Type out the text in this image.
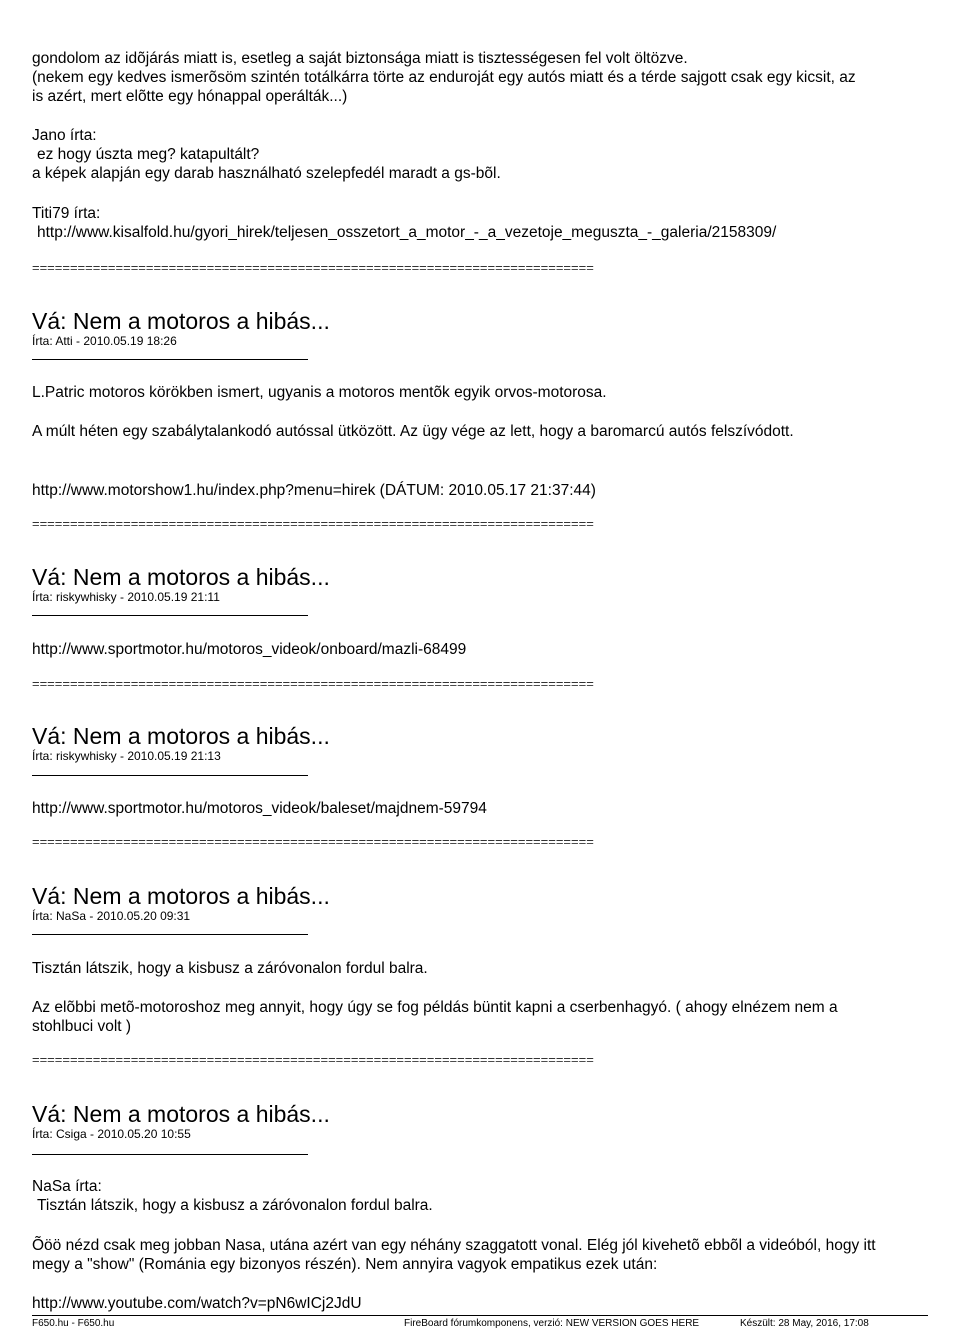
gondolom az idõjárás miatt is, esetleg a saját biztonsága miatt is tisztességesen fel volt öltözve.
(nekem egy kedves ismerõsöm szintén totálkárra törte az enduroját egy autós miatt és a térde sajgott csak egy kicsit, az
is azért, mert elõtte egy hónappal operálták...)
Jano írta:
ez hogy úszta meg? katapultált?
a képek alapján egy darab használható szelepfedél maradt a gs-bõl.
Titi79 írta:
http://www.kisalfold.hu/gyori_hirek/teljesen_osszetort_a_motor_-_a_vezetoje_meguszta_-_galeria/2158309/
==========================================================================
Vá: Nem a motoros a hibás...
Írta: Atti - 2010.05.19 18:26
L.Patric motoros körökben ismert, ugyanis a motoros mentõk egyik orvos-motorosa.
A múlt héten egy szabálytalankodó autóssal ütközött. Az ügy vége az lett, hogy a baromarcú autós felszívódott.
http://www.motorshow1.hu/index.php?menu=hirek (DÁTUM: 2010.05.17 21:37:44)
==========================================================================
Vá: Nem a motoros a hibás...
Írta: riskywhisky - 2010.05.19 21:11
http://www.sportmotor.hu/motoros_videok/onboard/mazli-68499
==========================================================================
Vá: Nem a motoros a hibás...
Írta: riskywhisky - 2010.05.19 21:13
http://www.sportmotor.hu/motoros_videok/baleset/majdnem-59794
==========================================================================
Vá: Nem a motoros a hibás...
Írta: NaSa - 2010.05.20 09:31
Tisztán látszik, hogy a kisbusz a záróvonalon fordul balra.
Az elõbbi metõ-motoroshoz meg annyit, hogy úgy se fog példás büntit kapni a cserbenhagyó. ( ahogy elnézem nem a
stohlbuci volt )
==========================================================================
Vá: Nem a motoros a hibás...
Írta: Csiga - 2010.05.20 10:55
NaSa írta:
Tisztán látszik, hogy a kisbusz a záróvonalon fordul balra.
Õöö nézd csak meg jobban Nasa, utána azért van egy néhány szaggatott vonal. Elég jól kivehetõ ebbõl a videóból, hogy itt
megy a "show" (Románia egy bizonyos részén). Nem annyira vagyok empatikus ezek után:
http://www.youtube.com/watch?v=pN6wICj2JdU
F650.hu - F650.hu	FireBoard fórumkomponens, verzió: NEW VERSION GOES HERE	Készült: 28 May, 2016, 17:08
